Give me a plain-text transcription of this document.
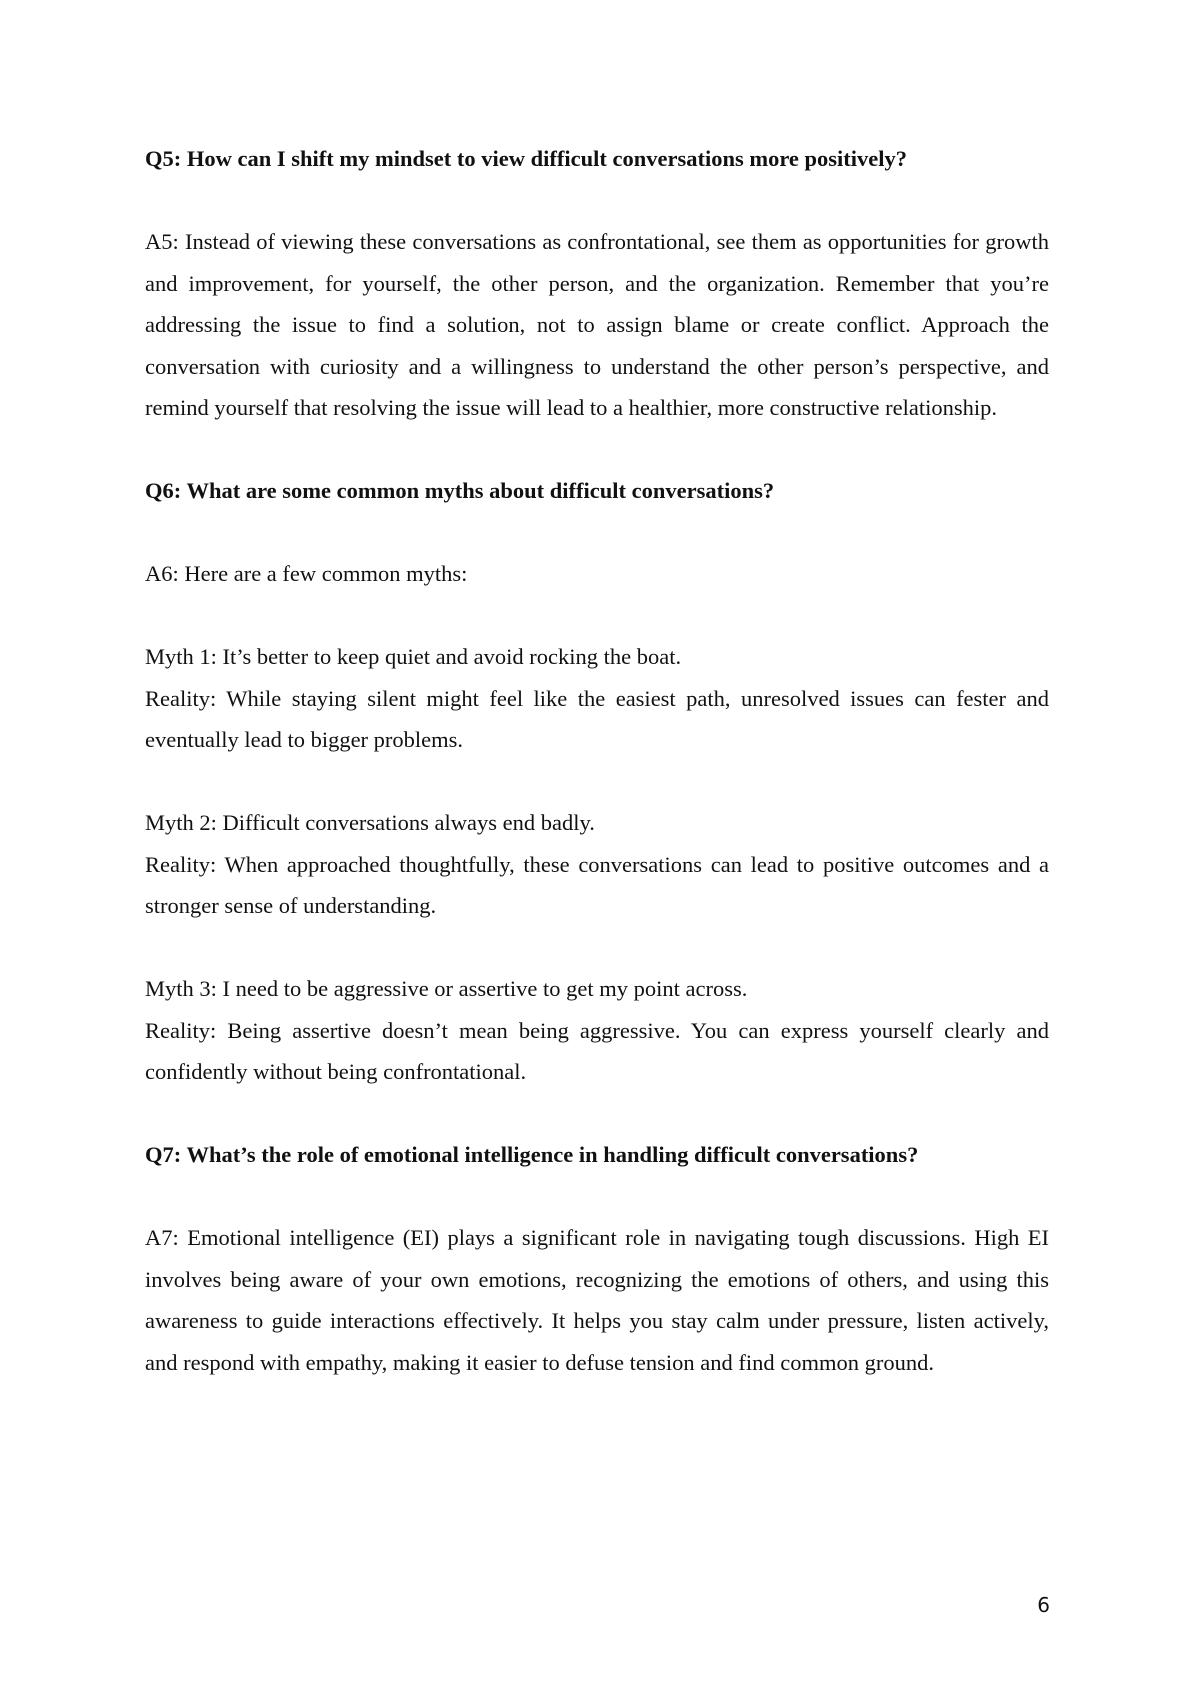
Q5: How can I shift my mindset to view difficult conversations more positively?

A5: Instead of viewing these conversations as confrontational, see them as opportunities for growth and improvement, for yourself, the other person, and the organization. Remember that you’re addressing the issue to find a solution, not to assign blame or create conflict. Approach the conversation with curiosity and a willingness to understand the other person’s perspective, and remind yourself that resolving the issue will lead to a healthier, more constructive relationship.

Q6: What are some common myths about difficult conversations?

A6: Here are a few common myths:

Myth 1: It’s better to keep quiet and avoid rocking the boat.

Reality: While staying silent might feel like the easiest path, unresolved issues can fester and eventually lead to bigger problems.

Myth 2: Difficult conversations always end badly.

Reality: When approached thoughtfully, these conversations can lead to positive outcomes and a stronger sense of understanding.

Myth 3: I need to be aggressive or assertive to get my point across.

Reality: Being assertive doesn’t mean being aggressive. You can express yourself clearly and confidently without being confrontational.

Q7: What’s the role of emotional intelligence in handling difficult conversations?

A7: Emotional intelligence (EI) plays a significant role in navigating tough discussions. High EI involves being aware of your own emotions, recognizing the emotions of others, and using this awareness to guide interactions effectively. It helps you stay calm under pressure, listen actively, and respond with empathy, making it easier to defuse tension and find common ground.

6
